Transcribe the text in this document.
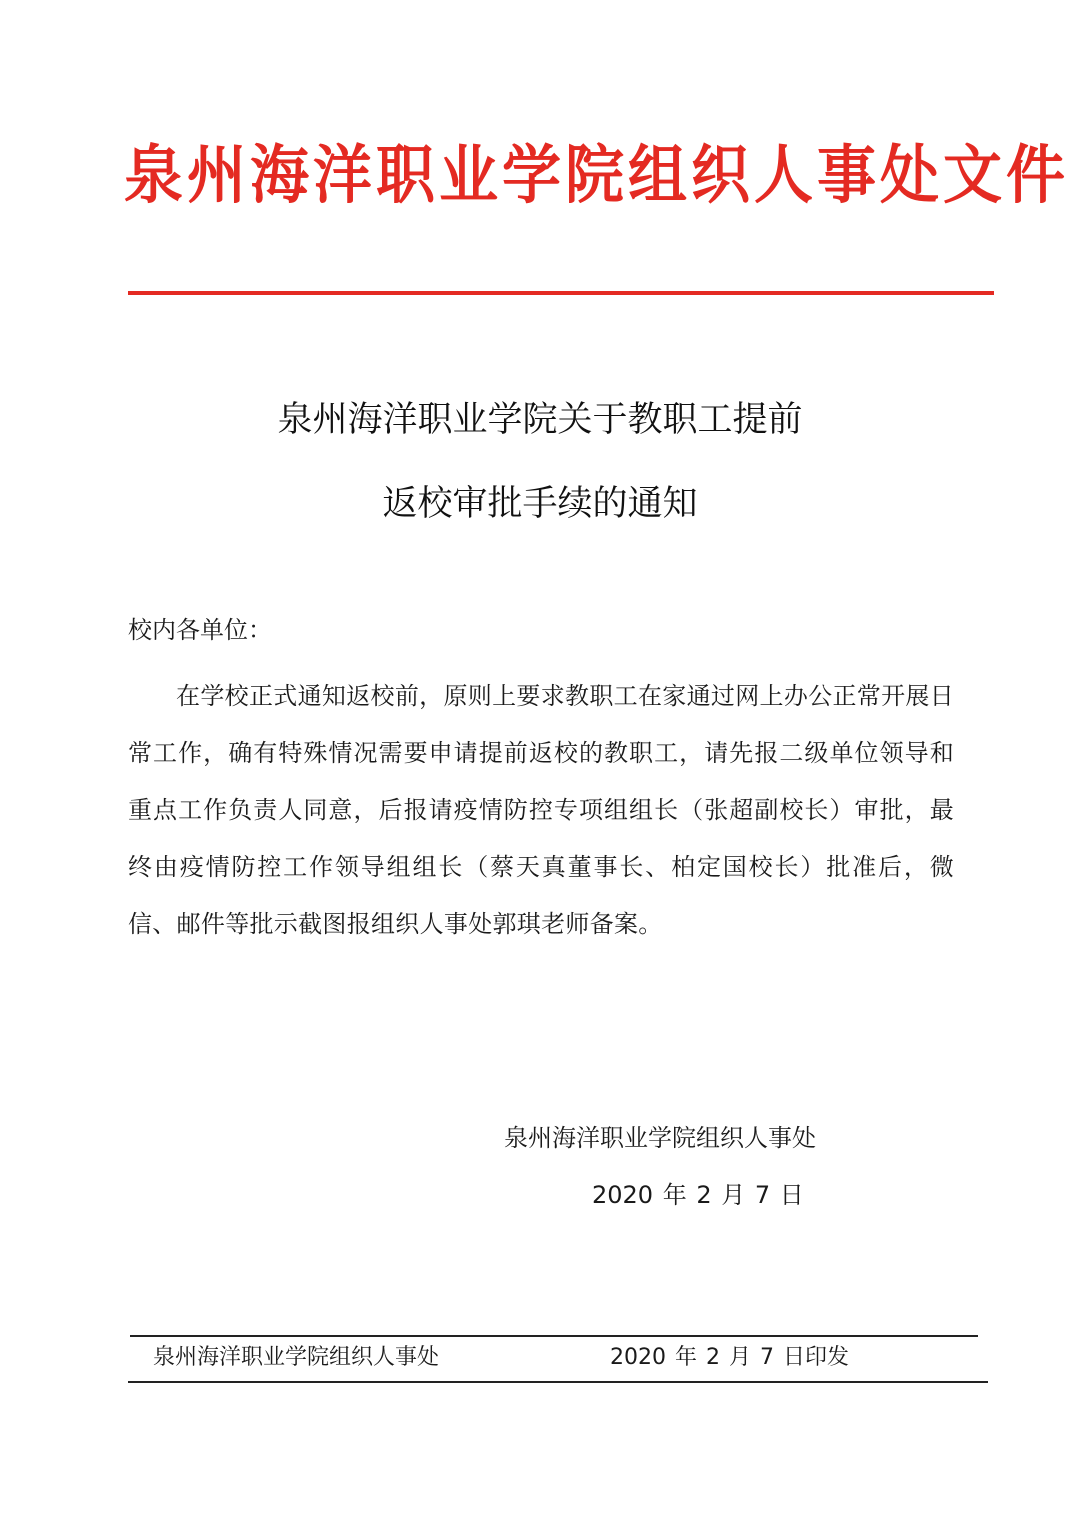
泉州海洋职业学院组织人事处文件
泉州海洋职业学院关于教职工提前
返校审批手续的通知
校内各单位：
在学校正式通知返校前，原则上要求教职工在家通过网上办公正常开展日常工作，确有特殊情况需要申请提前返校的教职工，请先报二级单位领导和重点工作负责人同意，后报请疫情防控专项组组长（张超副校长）审批，最终由疫情防控工作领导组组长（蔡天真董事长、柏定国校长）批准后，微信、邮件等批示截图报组织人事处郭琪老师备案。
泉州海洋职业学院组织人事处
2020 年 2 月 7 日
泉州海洋职业学院组织人事处	2020 年 2 月 7 日印发
